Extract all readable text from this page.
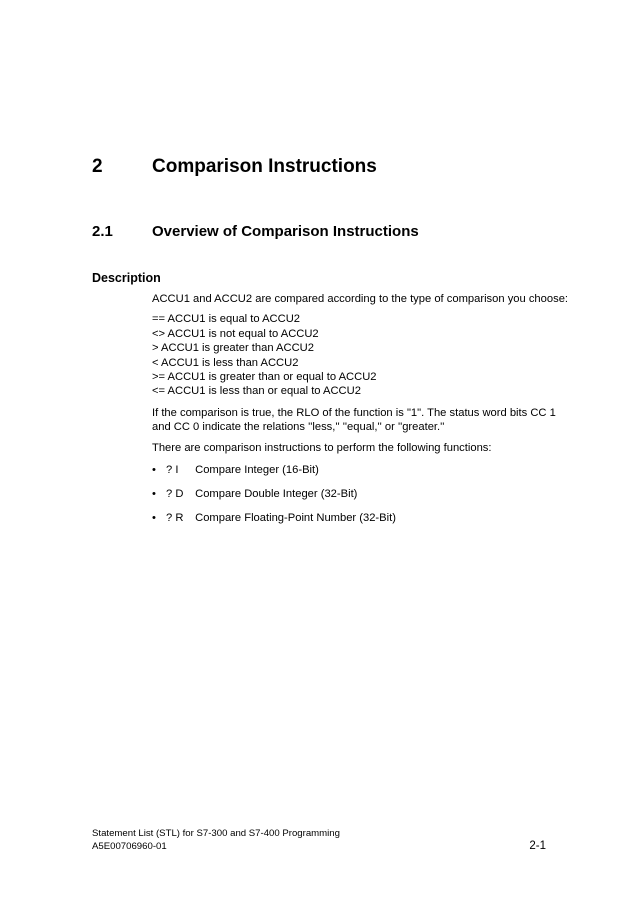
2	Comparison Instructions
2.1	Overview of Comparison Instructions
Description

ACCU1 and ACCU2 are compared according to the type of comparison you choose:

== ACCU1 is equal to ACCU2
<> ACCU1 is not equal to ACCU2
> ACCU1 is greater than ACCU2
< ACCU1 is less than ACCU2
>= ACCU1 is greater than or equal to ACCU2
<= ACCU1 is less than or equal to ACCU2

If the comparison is true, the RLO of the function is "1". The status word bits CC 1 and CC 0 indicate the relations ''less,'' ''equal,'' or ''greater.''

There are comparison instructions to perform the following functions:

• ? I Compare Integer (16-Bit)
• ? D Compare Double Integer (32-Bit)
• ? R Compare Floating-Point Number (32-Bit)
Statement List (STL) for S7-300 and S7-400 Programming
A5E00706960-01	2-1
